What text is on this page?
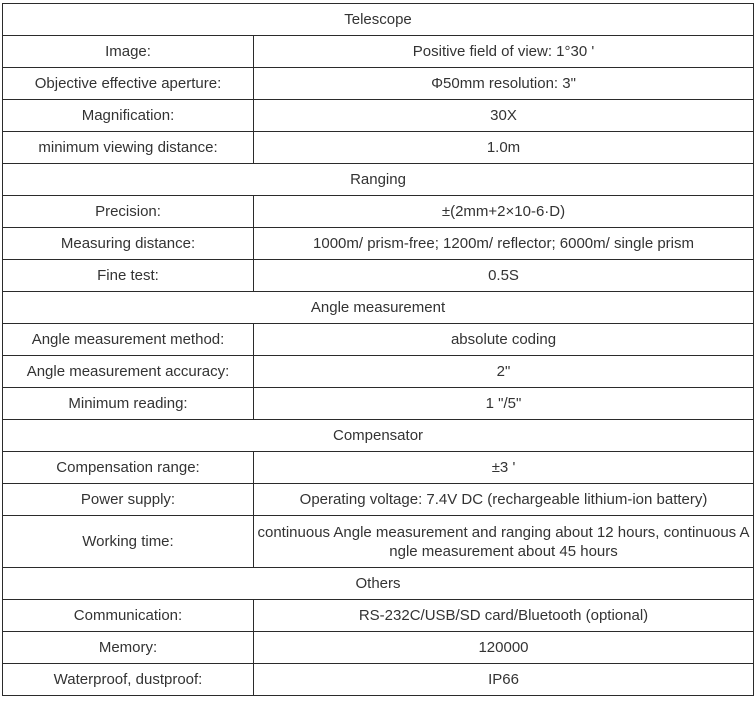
Telescope	
Image:	Positive field of view: 1°30 '
Objective effective aperture:	Φ50mm resolution: 3"
Magnification:	30X
minimum viewing distance:	1.0m
Ranging	
Precision:	±(2mm+2×10-6·D)
Measuring distance:	1000m/ prism-free; 1200m/ reflector; 6000m/ single prism
Fine test:	0.5S
Angle measurement	
Angle measurement method:	absolute coding
Angle measurement accuracy:	2"
Minimum reading:	1 "/5"
Compensator	
Compensation range:	±3 '
Power supply:	Operating voltage: 7.4V DC (rechargeable lithium-ion battery)
Working time:	continuous Angle measurement and ranging about 12 hours, continuous Angle measurement about 45 hours
Others	
Communication:	RS-232C/USB/SD card/Bluetooth (optional)
Memory:	120000
Waterproof, dustproof:	IP66
